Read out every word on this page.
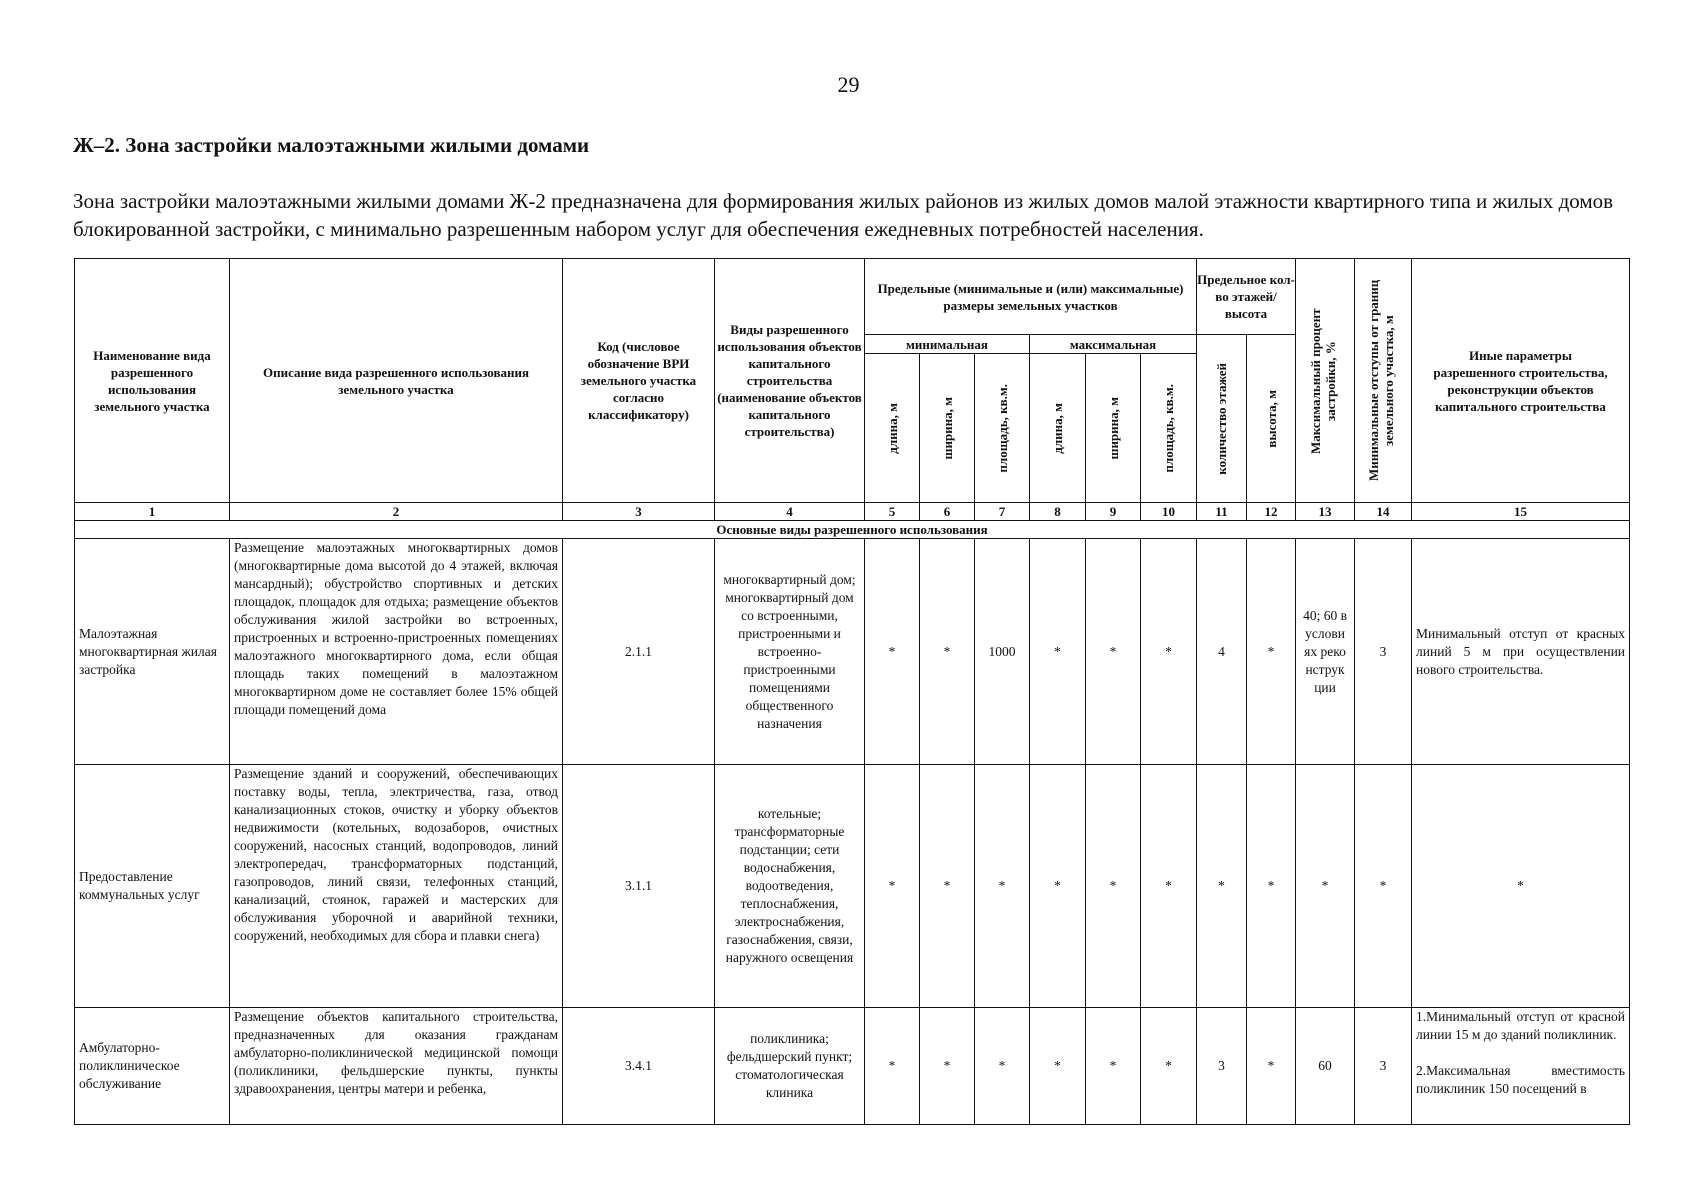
29
Ж–2. Зона застройки малоэтажными жилыми домами
Зона застройки малоэтажными жилыми домами Ж-2 предназначена для формирования жилых районов из жилых домов малой этажности квартирного типа и жилых домов блокированной застройки, с минимально разрешенным набором услуг для обеспечения ежедневных потребностей населения.
Наименование вида разрешенного использования земельного участка	Описание вида разрешенного использования земельного участка	Код (числовое обозначение ВРИ земельного участка согласно классификатору)	Виды разрешенного использования объектов капитального строительства (наименование объектов капитального строительства)	Предельные (минимальные и (или) максимальные) размеры земельных участков						Предельное кол-во этажей/ высота		Максимальный процент застройки, %	Минимальные отступы от границ земельного участка, м	Иные параметры разрешенного строительства, реконструкции объектов капитального строительства
				минимальная			максимальная			количество этажей	высота, м			

				длина, м	ширина, м	площадь, кв.м.	длина, м	ширина, м	площадь, кв.м.					

1	2	3	4	5	6	7	8	9	10	11	12	13	14	15
Основные виды разрешенного использования														
Малоэтажная многоквартирная жилая застройка	Размещение малоэтажных многоквартирных домов (многоквартирные дома высотой до 4 этажей, включая мансардный); обустройство спортивных и детских площадок, площадок для отдыха; размещение объектов обслуживания жилой застройки во встроенных, пристроенных и встроенно-пристроенных помещениях малоэтажного многоквартирного дома, если общая площадь таких помещений в малоэтажном многоквартирном доме не составляет более 15% общей площади помещений дома	2.1.1	многоквартирный дом; многоквартирный дом со встроенными, пристроенными и встроенно-пристроенными помещениями общественного назначения	*	*	1000	*	*	*	4	*	40; 60 в условиях реконструкции	3	Минимальный отступ от красных линий 5 м при осуществлении нового строительства.
Предоставление коммунальных услуг	Размещение зданий и сооружений, обеспечивающих поставку воды, тепла, электричества, газа, отвод канализационных стоков, очистку и уборку объектов недвижимости (котельных, водозаборов, очистных сооружений, насосных станций, водопроводов, линий электропередач, трансформаторных подстанций, газопроводов, линий связи, телефонных станций, канализаций, стоянок, гаражей и мастерских для обслуживания уборочной и аварийной техники, сооружений, необходимых для сбора и плавки снега)	3.1.1	котельные; трансформаторные подстанции; сети водоснабжения, водоотведения, теплоснабжения, электроснабжения, газоснабжения, связи, наружного освещения	*	*	*	*	*	*	*	*	*	*	*
Амбулаторно-поликлиническое обслуживание	Размещение объектов капитального строительства, предназначенных для оказания гражданам амбулаторно-поликлинической медицинской помощи (поликлиники, фельдшерские пункты, пункты здравоохранения, центры матери и ребенка,	3.4.1	поликлиника; фельдшерский пункт; стоматологическая клиника	*	*	*	*	*	*	3	*	60	3	1.Минимальный отступ от красной линии 15 м до зданий поликлиник.
2.Максимальная вместимость поликлиник 150 посещений в
